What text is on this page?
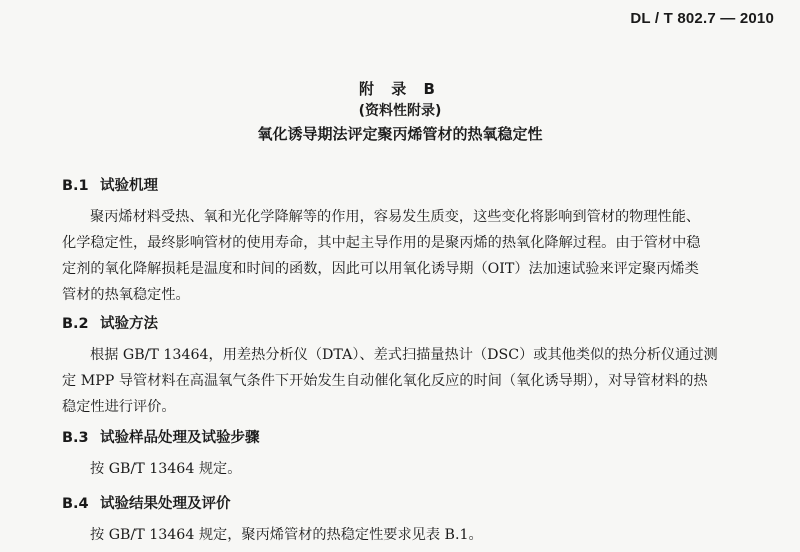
DL / T 802.7 — 2010
附 录 B
(资料性附录)
氧化诱导期法评定聚丙烯管材的热氧稳定性
B.1 试验机理
聚丙烯材料受热、氧和光化学降解等的作用，容易发生质变，这些变化将影响到管材的物理性能、
化学稳定性，最终影响管材的使用寿命，其中起主导作用的是聚丙烯的热氧化降解过程。由于管材中稳
定剂的氧化降解损耗是温度和时间的函数，因此可以用氧化诱导期（OIT）法加速试验来评定聚丙烯类
管材的热氧稳定性。
B.2 试验方法
根据 GB/T 13464，用差热分析仪（DTA）、差式扫描量热计（DSC）或其他类似的热分析仪通过测
定 MPP 导管材料在高温氧气条件下开始发生自动催化氧化反应的时间（氧化诱导期），对导管材料的热
稳定性进行评价。
B.3 试验样品处理及试验步骤
按 GB/T 13464 规定。
B.4 试验结果处理及评价
按 GB/T 13464 规定，聚丙烯管材的热稳定性要求见表 B.1。
